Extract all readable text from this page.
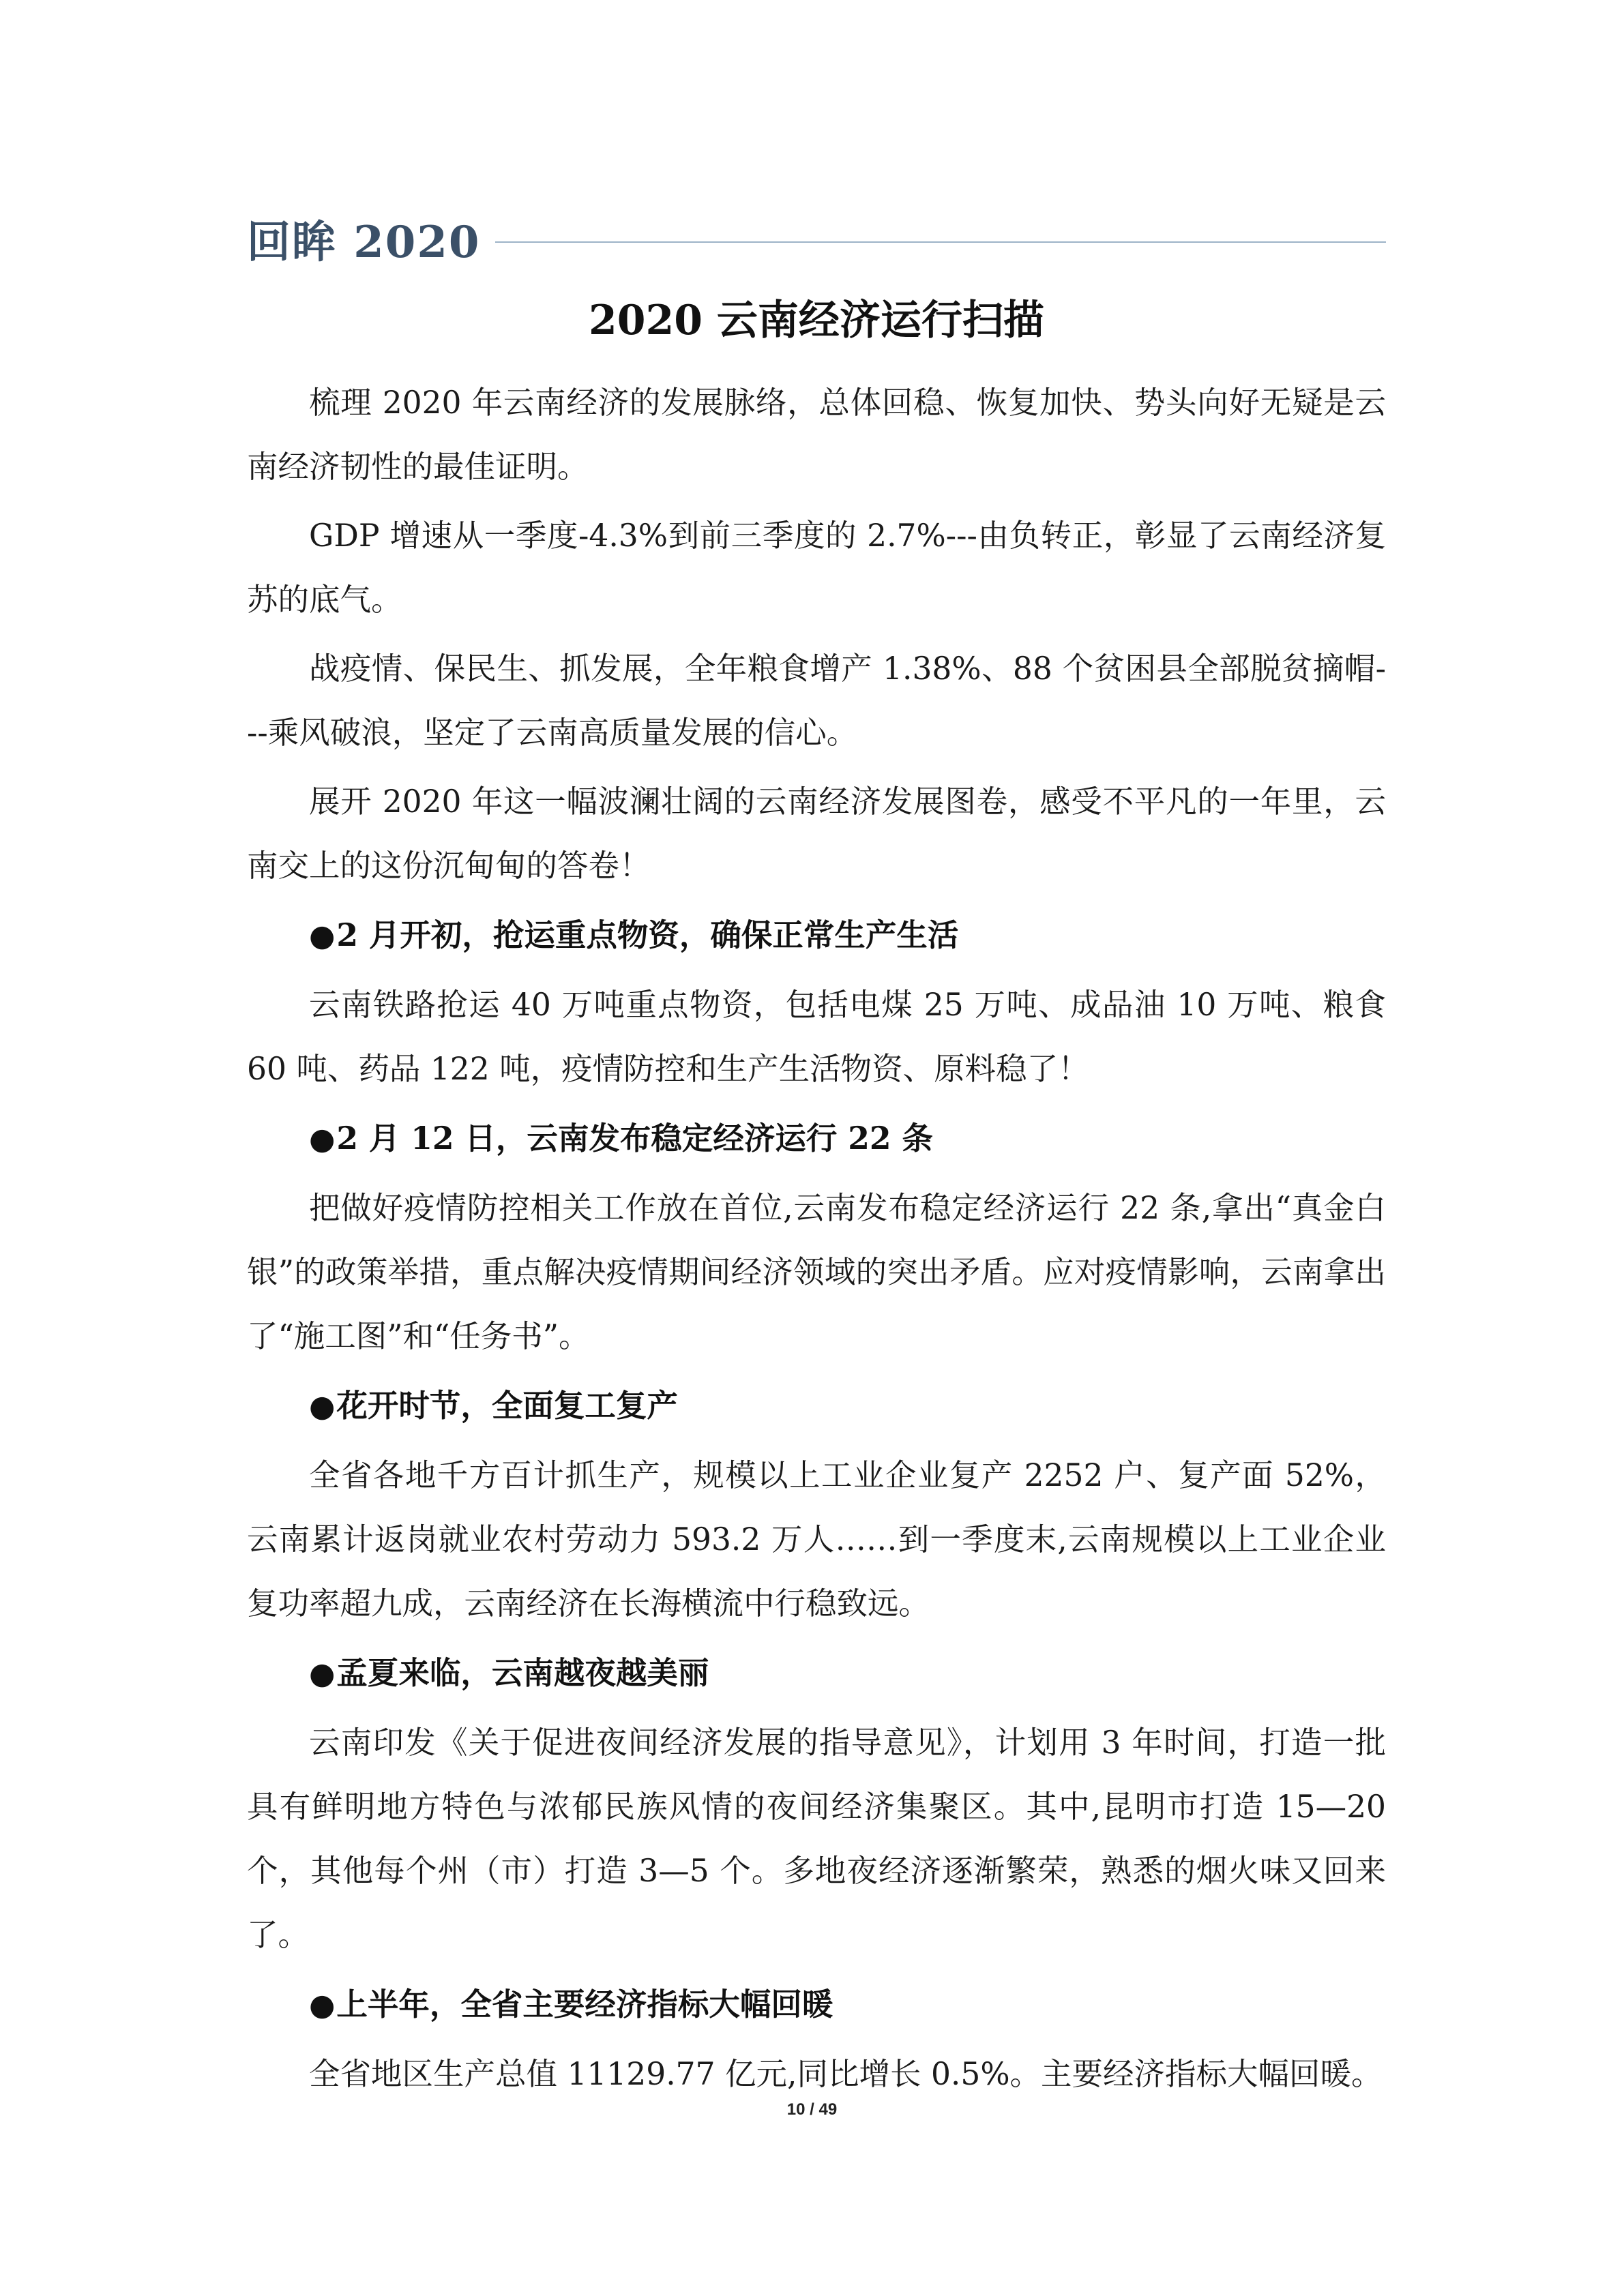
回眸 2020
2020 云南经济运行扫描

梳理 2020 年云南经济的发展脉络，总体回稳、恢复加快、势头向好无疑是云南经济韧性的最佳证明。

GDP 增速从一季度-4.3%到前三季度的 2.7%---由负转正，彰显了云南经济复苏的底气。

战疫情、保民生、抓发展，全年粮食增产 1.38%、88 个贫困县全部脱贫摘帽---乘风破浪，坚定了云南高质量发展的信心。

展开 2020 年这一幅波澜壮阔的云南经济发展图卷，感受不平凡的一年里，云南交上的这份沉甸甸的答卷！

●2 月开初，抢运重点物资，确保正常生产生活

云南铁路抢运 40 万吨重点物资，包括电煤 25 万吨、成品油 10 万吨、粮食 60 吨、药品 122 吨，疫情防控和生产生活物资、原料稳了！

●2 月 12 日，云南发布稳定经济运行 22 条

把做好疫情防控相关工作放在首位,云南发布稳定经济运行 22 条,拿出“真金白银”的政策举措，重点解决疫情期间经济领域的突出矛盾。应对疫情影响，云南拿出了“施工图”和“任务书”。

●花开时节，全面复工复产

全省各地千方百计抓生产，规模以上工业企业复产 2252 户、复产面 52%，云南累计返岗就业农村劳动力 593.2 万人……到一季度末,云南规模以上工业企业复功率超九成，云南经济在长海横流中行稳致远。

●孟夏来临，云南越夜越美丽

云南印发《关于促进夜间经济发展的指导意见》，计划用 3 年时间，打造一批具有鲜明地方特色与浓郁民族风情的夜间经济集聚区。其中,昆明市打造 15—20 个，其他每个州（市）打造 3—5 个。多地夜经济逐渐繁荣，熟悉的烟火味又回来了。

●上半年，全省主要经济指标大幅回暖

全省地区生产总值 11129.77 亿元,同比增长 0.5%。主要经济指标大幅回暖。

10 / 49
